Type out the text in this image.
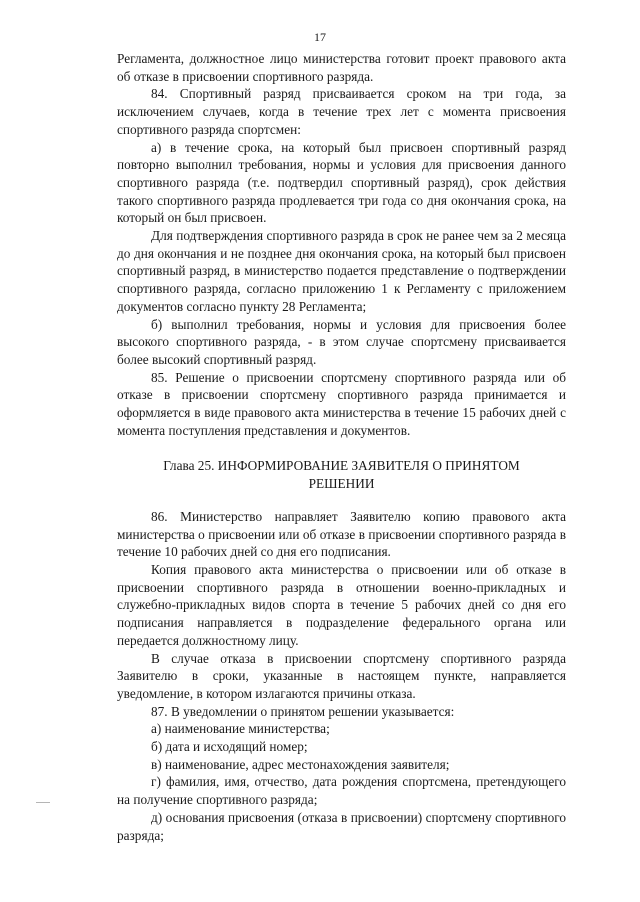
17

Регламента, должностное лицо министерства готовит проект правового акта об отказе в присвоении спортивного разряда.

84. Спортивный разряд присваивается сроком на три года, за исключением случаев, когда в течение трех лет с момента присвоения спортивного разряда спортсмен:

а) в течение срока, на который был присвоен спортивный разряд повторно выполнил требования, нормы и условия для присвоения данного спортивного разряда (т.е. подтвердил спортивный разряд), срок действия такого спортивного разряда продлевается три года со дня окончания срока, на который он был присвоен.

Для подтверждения спортивного разряда в срок не ранее чем за 2 месяца до дня окончания и не позднее дня окончания срока, на который был присвоен спортивный разряд, в министерство подается представление о подтверждении спортивного разряда, согласно приложению 1 к Регламенту с приложением документов согласно пункту 28 Регламента;

б) выполнил требования, нормы и условия для присвоения более высокого спортивного разряда, - в этом случае спортсмену присваивается более высокий спортивный разряд.

85. Решение о присвоении спортсмену спортивного разряда или об отказе в присвоении спортсмену спортивного разряда принимается и оформляется в виде правового акта министерства в течение 15 рабочих дней с момента поступления представления и документов.

Глава 25. ИНФОРМИРОВАНИЕ ЗАЯВИТЕЛЯ О ПРИНЯТОМ РЕШЕНИИ

86. Министерство направляет Заявителю копию правового акта министерства о присвоении или об отказе в присвоении спортивного разряда в течение 10 рабочих дней со дня его подписания.

Копия правового акта министерства о присвоении или об отказе в присвоении спортивного разряда в отношении военно-прикладных и служебно-прикладных видов спорта в течение 5 рабочих дней со дня его подписания направляется в подразделение федерального органа или передается должностному лицу.

В случае отказа в присвоении спортсмену спортивного разряда Заявителю в сроки, указанные в настоящем пункте, направляется уведомление, в котором излагаются причины отказа.

87. В уведомлении о принятом решении указывается:

а) наименование министерства;

б) дата и исходящий номер;

в) наименование, адрес местонахождения заявителя;

г) фамилия, имя, отчество, дата рождения спортсмена, претендующего на получение спортивного разряда;

д) основания присвоения (отказа в присвоении) спортсмену спортивного разряда;
